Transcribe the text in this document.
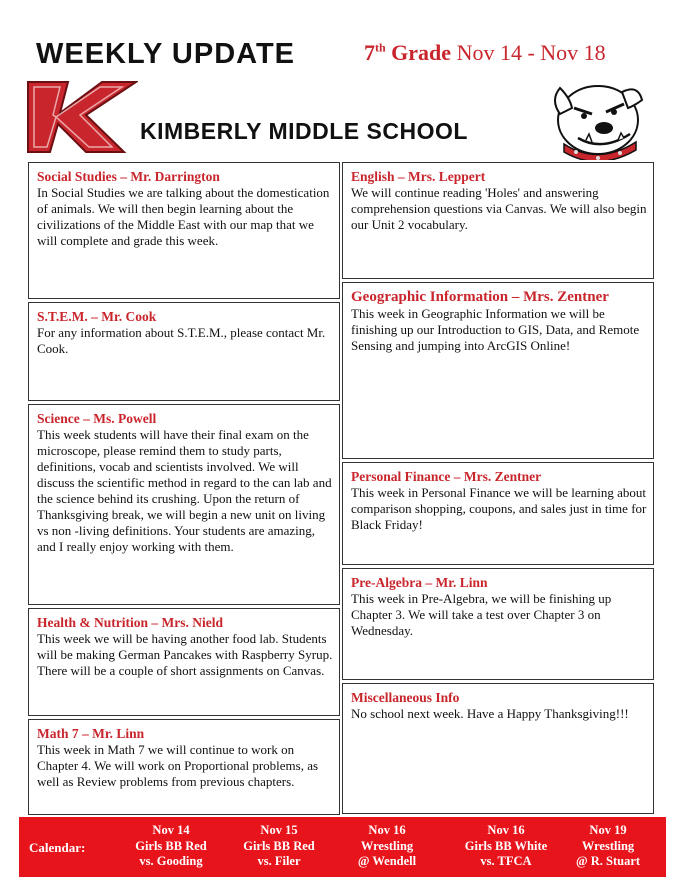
WEEKLY UPDATE	7th Grade Nov 14 - Nov 18
KIMBERLY MIDDLE SCHOOL
Social Studies – Mr. Darrington

In Social Studies we are talking about the domestication of animals. We will then begin learning about the civilizations of the Middle East with our map that we will complete and grade this week.

S.T.E.M. – Mr. Cook

For any information about S.T.E.M., please contact Mr. Cook.

Science – Ms. Powell

This week students will have their final exam on the microscope, please remind them to study parts, definitions, vocab and scientists involved. We will discuss the scientific method in regard to the can lab and the science behind its crushing. Upon the return of Thanksgiving break, we will begin a new unit on living vs non -living definitions. Your students are amazing, and I really enjoy working with them.

Health & Nutrition – Mrs. Nield

This week we will be having another food lab. Students will be making German Pancakes with Raspberry Syrup. There will be a couple of short assignments on Canvas.

Math 7 – Mr. Linn

This week in Math 7 we will continue to work on Chapter 4. We will work on Proportional problems, as well as Review problems from previous chapters.

English – Mrs. Leppert

We will continue reading 'Holes' and answering comprehension questions via Canvas. We will also begin our Unit 2 vocabulary.

Geographic Information – Mrs. Zentner

This week in Geographic Information we will be finishing up our Introduction to GIS, Data, and Remote Sensing and jumping into ArcGIS Online!

Personal Finance – Mrs. Zentner

This week in Personal Finance we will be learning about comparison shopping, coupons, and sales just in time for Black Friday!

Pre-Algebra – Mr. Linn

This week in Pre-Algebra, we will be finishing up Chapter 3. We will take a test over Chapter 3 on Wednesday.

Miscellaneous Info

No school next week. Have a Happy Thanksgiving!!!

Calendar:
Nov 14
Girls BB Red
vs. Gooding
Nov 15
Girls BB Red
vs. Filer
Nov 16
Wrestling
@ Wendell
Nov 16
Girls BB White
vs. TFCA
Nov 19
Wrestling
@ R. Stuart
